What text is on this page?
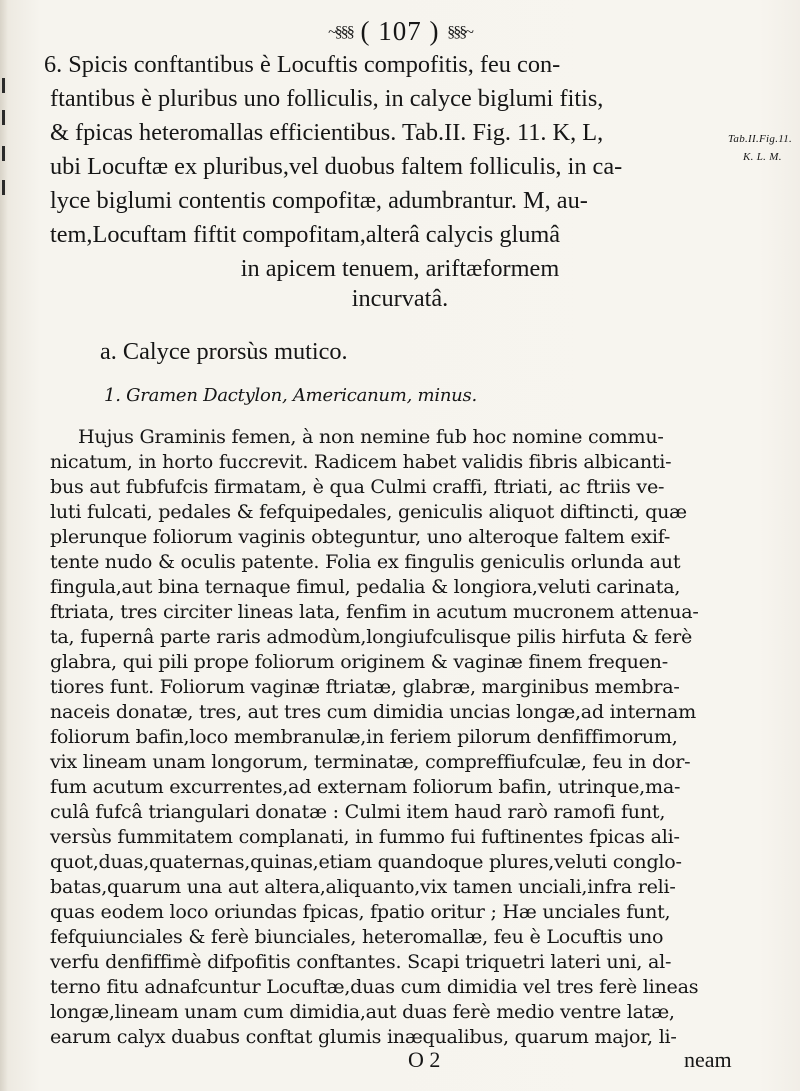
~§§§ ( 107 ) §§§~
6. Spicis conftantibus è Locuftis compofitis, feu con-
ftantibus è pluribus uno folliculis, in calyce biglumi fitis,
& fpicas heteromallas efficientibus. Tab.II. Fig. 11. K, L,
ubi Locuftæ ex pluribus,vel duobus faltem folliculis, in ca-
lyce biglumi contentis compofitæ, adumbrantur. M, au-
tem,Locuftam fiftit compofitam,alterâ calycis glumâ
in apicem tenuem, ariftæformem
incurvatâ.
Tab.II.Fig.11.
K. L. M.
a. Calyce prorsùs mutico.
1. Gramen Dactylon, Americanum, minus.
Hujus Graminis femen, à non nemine fub hoc nomine commu-
nicatum, in horto fuccrevit. Radicem habet validis fibris albicanti-
bus aut fubfufcis firmatam, è qua Culmi craffi, ftriati, ac ftriis ve-
luti fulcati, pedales & fefquipedales, geniculis aliquot diftincti, quæ
plerunque foliorum vaginis obteguntur, uno alteroque faltem exif-
tente nudo & oculis patente. Folia ex fingulis geniculis orlunda aut
fingula,aut bina ternaque fimul, pedalia & longiora,veluti carinata,
ftriata, tres circiter lineas lata, fenfim in acutum mucronem attenua-
ta, fupernâ parte raris admodùm,longiufculisque pilis hirfuta & ferè
glabra, qui pili prope foliorum originem & vaginæ finem frequen-
tiores funt. Foliorum vaginæ ftriatæ, glabræ, marginibus membra-
naceis donatæ, tres, aut tres cum dimidia uncias longæ,ad internam
foliorum bafin,loco membranulæ,in feriem pilorum denfiffimorum,
vix lineam unam longorum, terminatæ, compreffiufculæ, feu in dor-
fum acutum excurrentes,ad externam foliorum bafin, utrinque,ma-
culâ fufcâ triangulari donatæ : Culmi item haud rarò ramofi funt,
versùs fummitatem complanati, in fummo fui fuftinentes fpicas ali-
quot,duas,quaternas,quinas,etiam quandoque plures,veluti conglo-
batas,quarum una aut altera,aliquanto,vix tamen unciali,infra reli-
quas eodem loco oriundas fpicas, fpatio oritur ; Hæ unciales funt,
fefquiunciales & ferè biunciales, heteromallæ, feu è Locuftis uno
verfu denfiffimè difpofitis conftantes. Scapi triquetri lateri uni, al-
terno fitu adnafcuntur Locuftæ,duas cum dimidia vel tres ferè lineas
longæ,lineam unam cum dimidia,aut duas ferè medio ventre latæ,
earum calyx duabus conftat glumis inæqualibus, quarum major, li-
O 2	neam
